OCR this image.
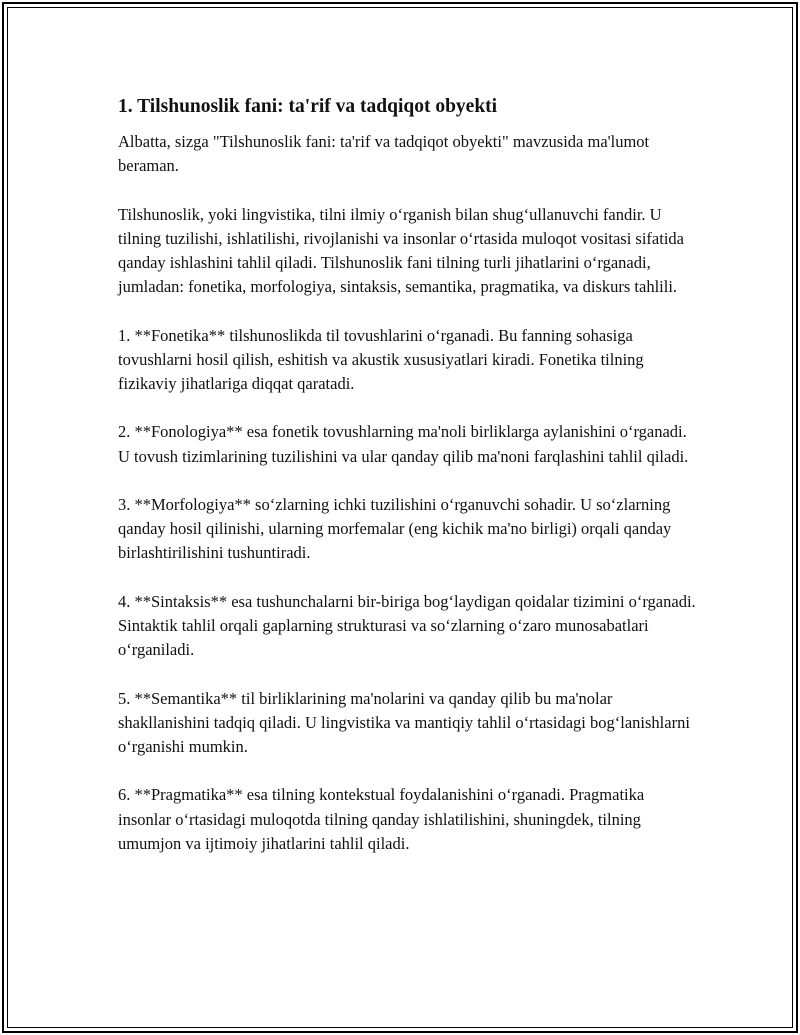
1. Tilshunoslik fani: ta'rif va tadqiqot obyekti

Albatta, sizga "Tilshunoslik fani: ta'rif va tadqiqot obyekti" mavzusida ma'lumot beraman.

Tilshunoslik, yoki lingvistika, tilni ilmiy o‘rganish bilan shug‘ullanuvchi fandir. U tilning tuzilishi, ishlatilishi, rivojlanishi va insonlar o‘rtasida muloqot vositasi sifatida qanday ishlashini tahlil qiladi. Tilshunoslik fani tilning turli jihatlarini o‘rganadi, jumladan: fonetika, morfologiya, sintaksis, semantika, pragmatika, va diskurs tahlili.

1. **Fonetika** tilshunoslikda til tovushlarini o‘rganadi. Bu fanning sohasiga tovushlarni hosil qilish, eshitish va akustik xususiyatlari kiradi. Fonetika tilning fizikaviy jihatlariga diqqat qaratadi.

2. **Fonologiya** esa fonetik tovushlarning ma'noli birliklarga aylanishini o‘rganadi. U tovush tizimlarining tuzilishini va ular qanday qilib ma'noni farqlashini tahlil qiladi.

3. **Morfologiya** so‘zlarning ichki tuzilishini o‘rganuvchi sohadir. U so‘zlarning qanday hosil qilinishi, ularning morfemalar (eng kichik ma'no birligi) orqali qanday birlashtirilishini tushuntiradi.

4. **Sintaksis** esa tushunchalarni bir-biriga bog‘laydigan qoidalar tizimini o‘rganadi. Sintaktik tahlil orqali gaplarning strukturasi va so‘zlarning o‘zaro munosabatlari o‘rganiladi.

5. **Semantika** til birliklarining ma'nolarini va qanday qilib bu ma'nolar shakllanishini tadqiq qiladi. U lingvistika va mantiqiy tahlil o‘rtasidagi bog‘lanishlarni o‘rganishi mumkin.

6. **Pragmatika** esa tilning kontekstual foydalanishini o‘rganadi. Pragmatika insonlar o‘rtasidagi muloqotda tilning qanday ishlatilishini, shuningdek, tilning umumjon va ijtimoiy jihatlarini tahlil qiladi.
